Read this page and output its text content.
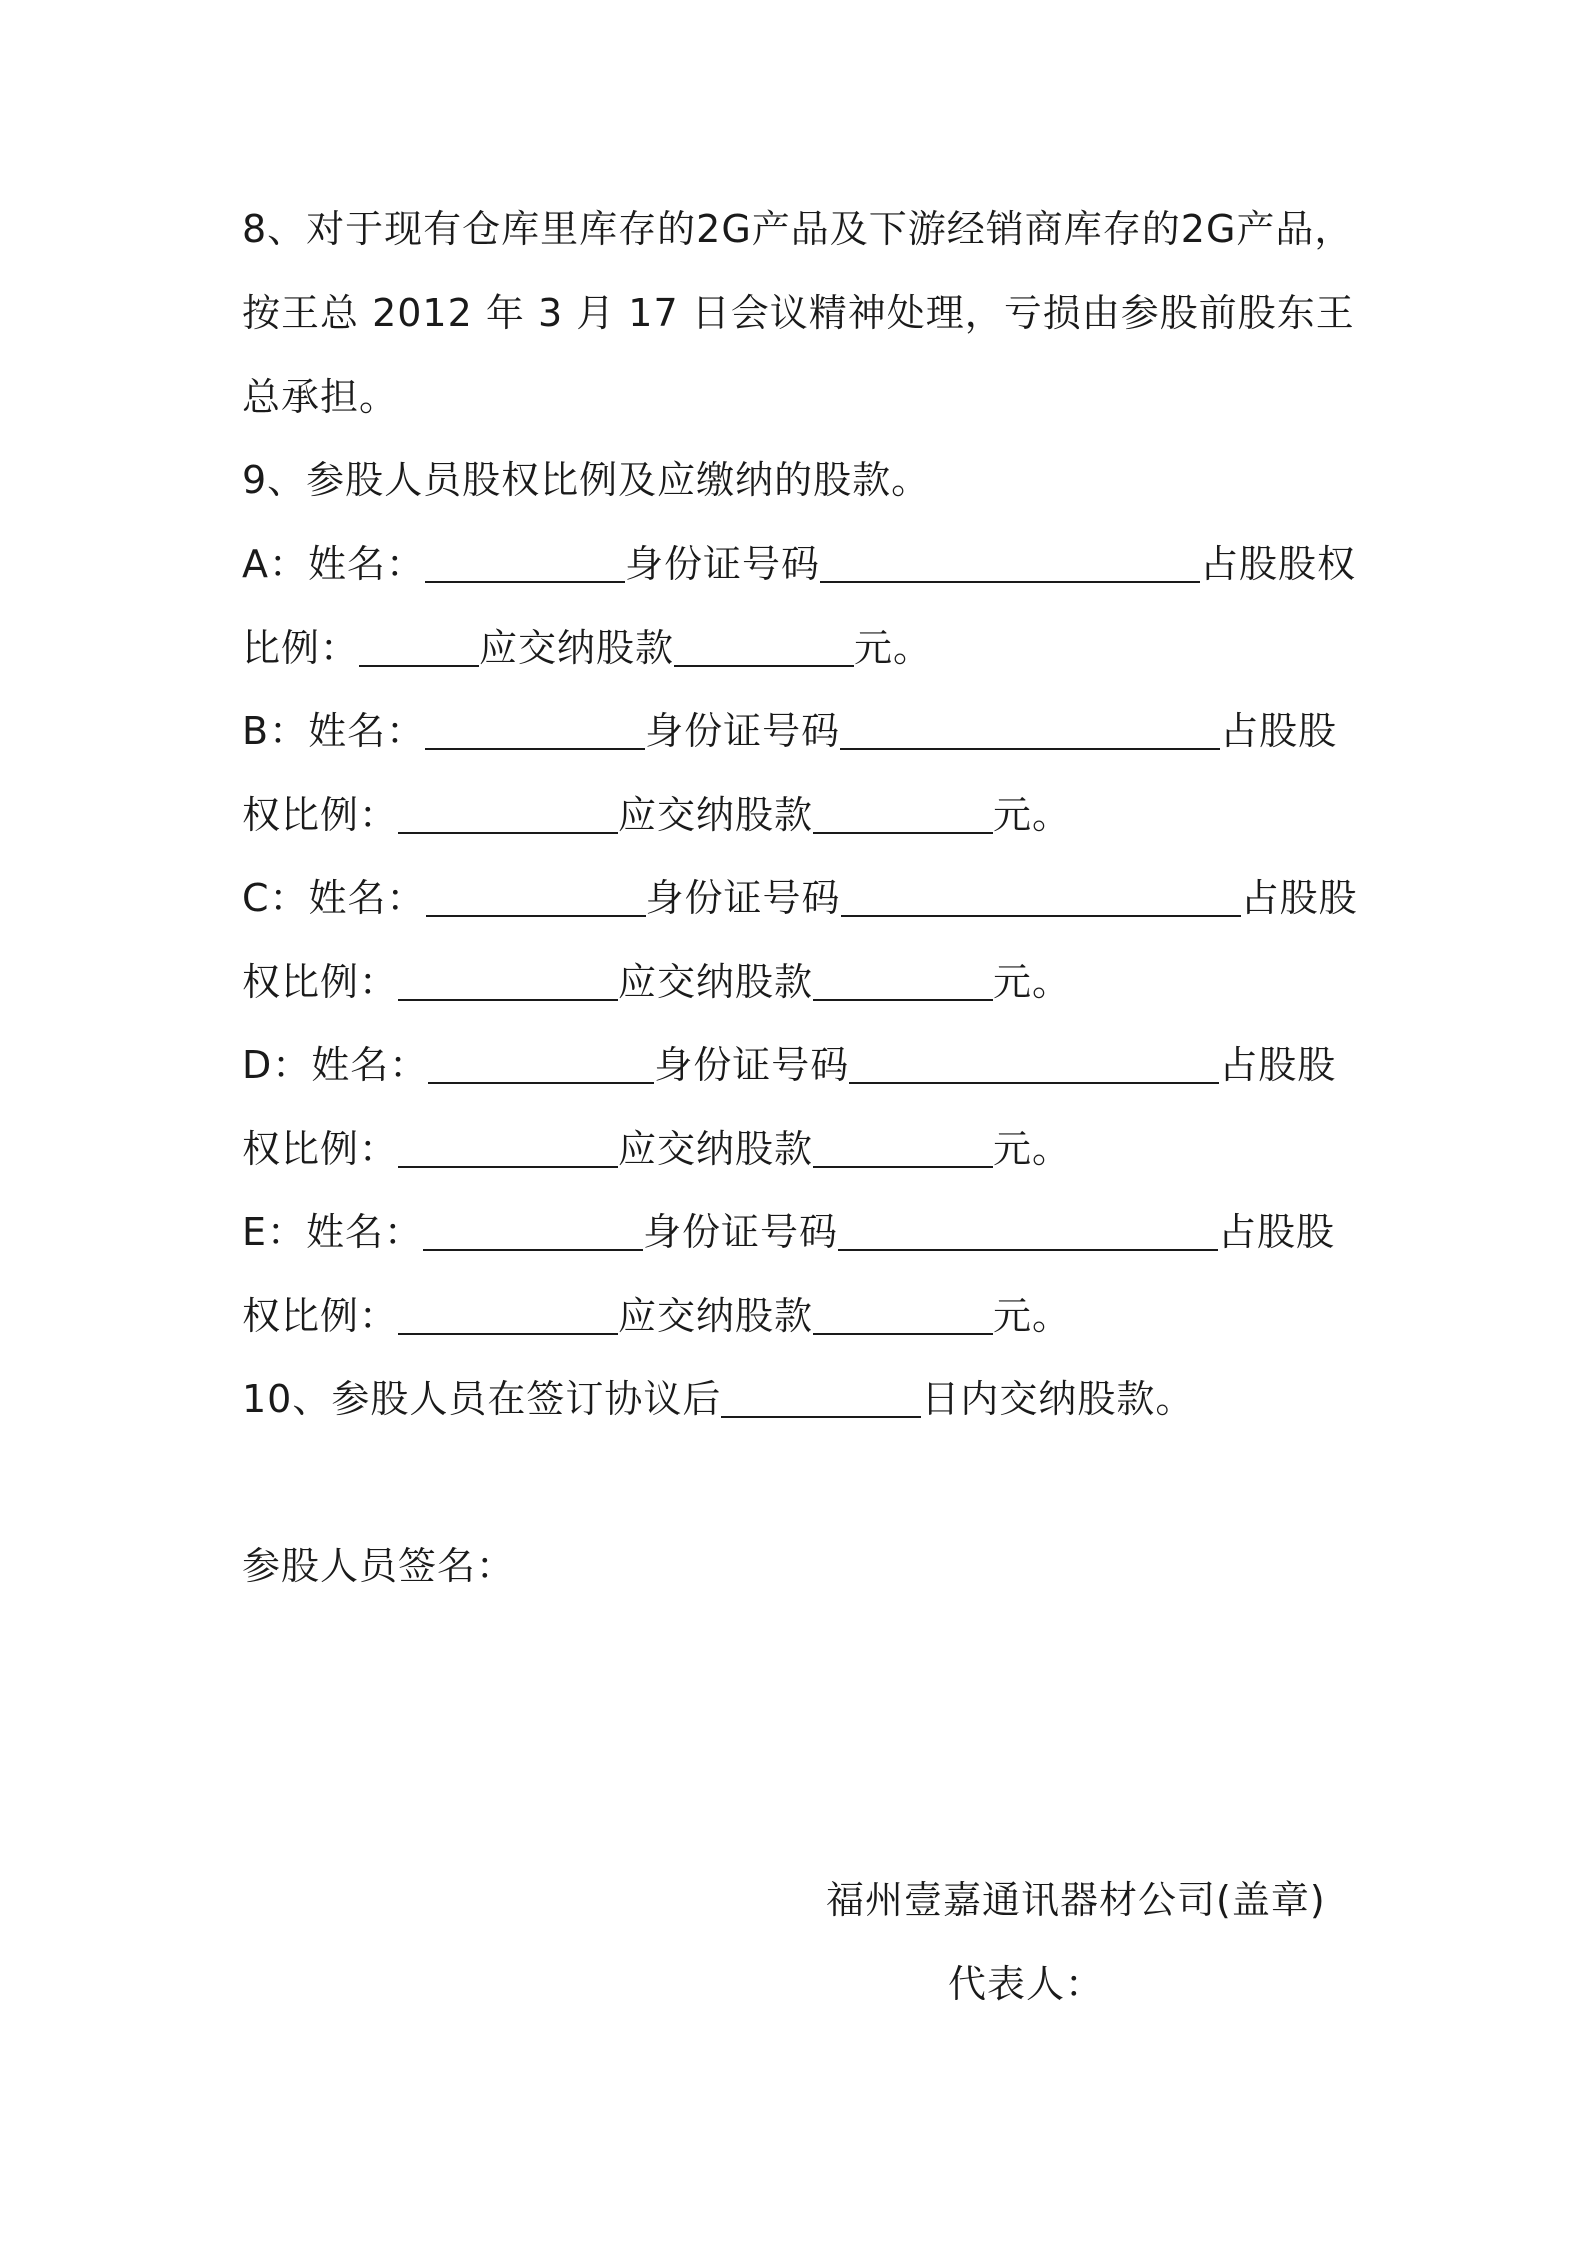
8、对于现有仓库里库存的2G产品及下游经销商库存的2G产品，
按王总 2012 年 3 月 17 日会议精神处理，亏损由参股前股东王
总承担。
9、参股人员股权比例及应缴纳的股款。
A：姓名：	身份证号码	占股股权
比例：	应交纳股款	元。
B：姓名：	身份证号码	占股股
权比例：	应交纳股款	元。
C：姓名：	身份证号码	占股股
权比例：	应交纳股款	元。
D：姓名：	身份证号码	占股股
权比例：	应交纳股款	元。
E：姓名：	身份证号码	占股股
权比例：	应交纳股款	元。
10、参股人员在签订协议后	日内交纳股款。
参股人员签名：
福州壹嘉通讯器材公司(盖章)
代表人：
